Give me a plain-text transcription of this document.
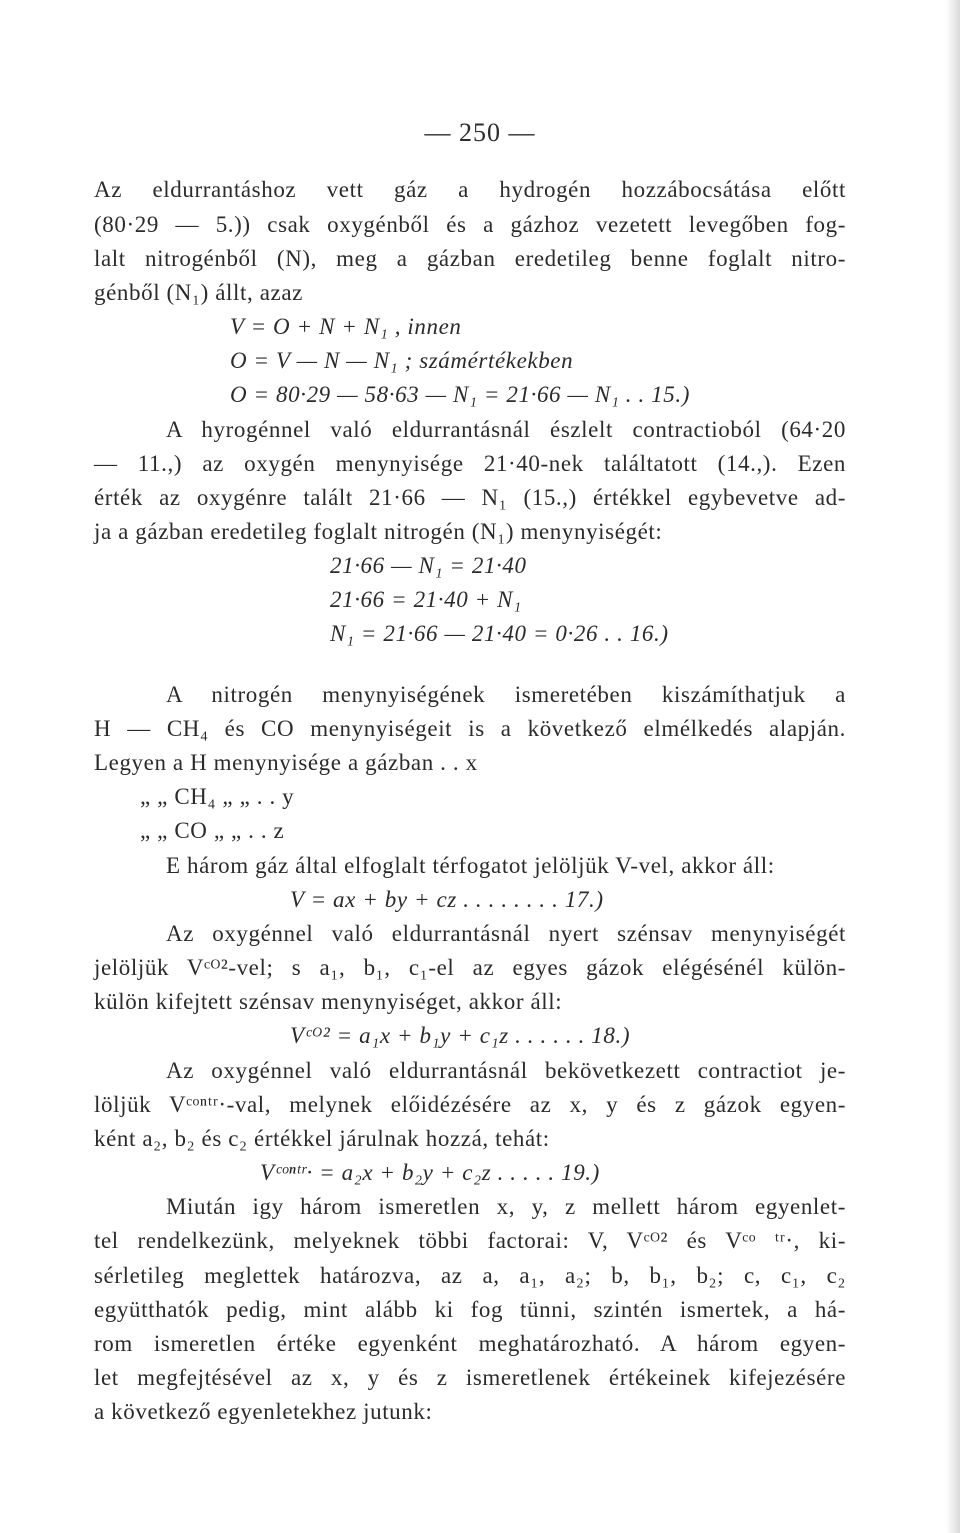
— 250 —
Az eldurrantáshoz vett gáz a hydrogén hozzábocsátása előtt
(80·29 — 5.)) csak oxygénből és a gázhoz vezetett levegőben fog-
lalt nitrogénből (N), meg a gázban eredetileg benne foglalt nitro-
génből (N₁) állt, azaz
V = O + N + N₁ , innen
O = V — N — N₁ ; számértékekben
O = 80·29 — 58·63 — N₁ = 21·66 — N₁ . . 15.)
A hyrogénnel való eldurrantásnál észlelt contractioból (64·20
— 11.,) az oxygén menynyisége 21·40-nek találtatott (14.,). Ezen
érték az oxygénre talált 21·66 — N₁ (15.,) értékkel egybevetve ad-
ja a gázban eredetileg foglalt nitrogén (N₁) menynyiségét:
21·66 — N₁ = 21·40
21·66 = 21·40 + N₁
N₁ = 21·66 — 21·40 = 0·26 . . 16.)
A nitrogén menynyiségének ismeretében kiszámíthatjuk a
H — CH₄ és CO menynyiségeit is a következő elmélkedés alapján.
Legyen a H menynyisége a gázban . . x
„ „ CH₄ „ „ . . y
„ „ CO „ „ . . z
E három gáz által elfoglalt térfogatot jelöljük V-vel, akkor áll:
V = ax + by + cz . . . . . . . . 17.)
Az oxygénnel való eldurrantásnál nyert szénsav menynyiségét
jelöljük Vᶜᴼ²-vel; s a₁, b₁, c₁-el az egyes gázok elégésénél külön-
külön kifejtett szénsav menynyiséget, akkor áll:
Vᶜᴼ² = a₁x + b₁y + c₁z . . . . . . 18.)
Az oxygénnel való eldurrantásnál bekövetkezett contractiot je-
löljük Vᶜᵒⁿᵗʳ·-val, melynek előidézésére az x, y és z gázok egyen-
ként a₂, b₂ és c₂ értékkel járulnak hozzá, tehát:
Vᶜᵒⁿᵗʳ· = a₂x + b₂y + c₂z . . . . . 19.)
Miután igy három ismeretlen x, y, z mellett három egyenlet-
tel rendelkezünk, melyeknek többi factorai: V, Vᶜᴼ² és Vᶜᵒ ᵗʳ·, ki-
sérletileg meglettek határozva, az a, a₁, a₂; b, b₁, b₂; c, c₁, c₂
együtthatók pedig, mint alább ki fog tünni, szintén ismertek, a há-
rom ismeretlen értéke egyenként meghatározható. A három egyen-
let megfejtésével az x, y és z ismeretlenek értékeinek kifejezésére
a következő egyenletekhez jutunk:
